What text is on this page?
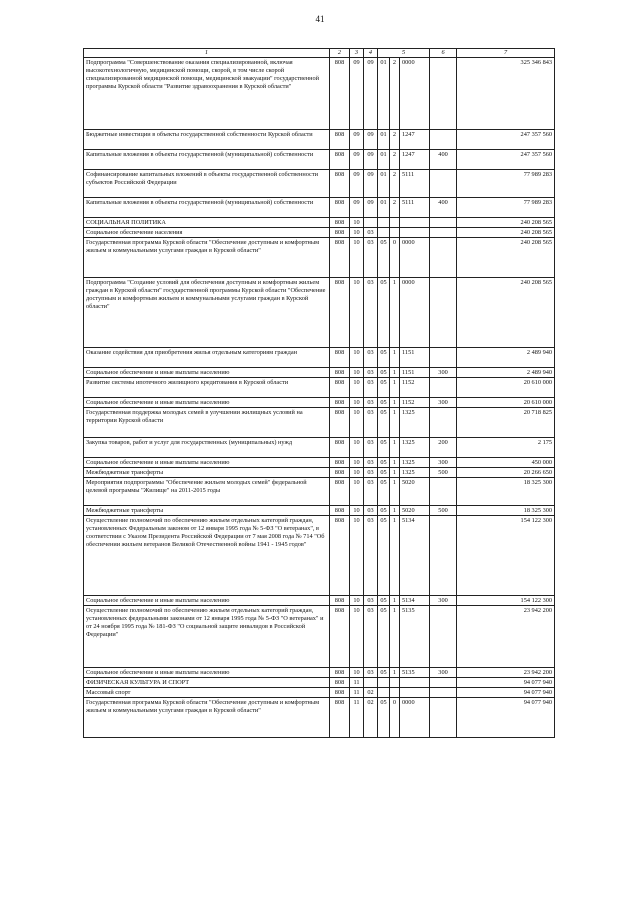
41
1	2	3	4	5			6	7
Подпрограмма "Совершенствование оказания специализированной, включая высокотехнологичную, медицинской помощи, скорой, в том числе скорой специализированной медицинской помощи, медицинской эвакуации" государственной программы Курской области "Развитие здравоохранения в Курской области"	808	09	09	01	2	0000		325 346 843
Бюджетные инвестиции в объекты государственной собственности Курской области	808	09	09	01	2	1247		247 357 560
Капитальные вложения в объекты государственной (муниципальной) собственности	808	09	09	01	2	1247	400	247 357 560
Софинансирование капитальных вложений в объекты государственной собственности субъектов Российской Федерации	808	09	09	01	2	5111		77 989 283
Капитальные вложения в объекты государственной (муниципальной) собственности	808	09	09	01	2	5111	400	77 989 283
СОЦИАЛЬНАЯ ПОЛИТИКА	808	10						240 208 565
Социальное обеспечение населения	808	10	03					240 208 565
Государственная программа Курской области "Обеспечение доступным и комфортным жильем и коммунальными услугами граждан в Курской области"	808	10	03	05	0	0000		240 208 565
Подпрограмма "Создание условий для обеспечения доступным и комфортным жильем граждан в Курской области" государственной программы Курской области "Обеспечение доступным и комфортным жильем и коммунальными услугами граждан в Курской области"	808	10	03	05	1	0000		240 208 565
Оказание содействия для приобретения жилья отдельным категориям граждан	808	10	03	05	1	1151		2 489 940
Социальное обеспечение и иные выплаты населению	808	10	03	05	1	1151	300	2 489 940
Развитие системы ипотечного жилищного кредитования в Курской области	808	10	03	05	1	1152		20 610 000
Социальное обеспечение и иные выплаты населению	808	10	03	05	1	1152	300	20 610 000
Государственная поддержка молодых семей в улучшении жилищных условий на территории Курской области	808	10	03	05	1	1325		20 718 825
Закупка товаров, работ и услуг для государственных (муниципальных) нужд	808	10	03	05	1	1325	200	2 175
Социальное обеспечение и иные выплаты населению	808	10	03	05	1	1325	300	450 000
Межбюджетные трансферты	808	10	03	05	1	1325	500	20 266 650
Мероприятия подпрограммы "Обеспечение жильем молодых семей" федеральной целевой программы "Жилище" на 2011-2015 годы	808	10	03	05	1	5020		18 325 300
Межбюджетные трансферты	808	10	03	05	1	5020	500	18 325 300
Осуществление полномочий по обеспечению жильем отдельных категорий граждан, установленных Федеральным законом от 12 января 1995 года № 5-ФЗ "О ветеранах", в соответствии с Указом Президента Российской Федерации от 7 мая 2008 года № 714 "Об обеспечении жильем ветеранов Великой Отечественной войны 1941 - 1945 годов"	808	10	03	05	1	5134		154 122 300
Социальное обеспечение и иные выплаты населению	808	10	03	05	1	5134	300	154 122 300
Осуществление полномочий по обеспечению жильем отдельных категорий граждан, установленных федеральными законами от 12 января 1995 года № 5-ФЗ "О ветеранах" и от 24 ноября 1995 года № 181-ФЗ "О социальной защите инвалидов в Российской Федерации"	808	10	03	05	1	5135		23 942 200
Социальное обеспечение и иные выплаты населению	808	10	03	05	1	5135	300	23 942 200
ФИЗИЧЕСКАЯ КУЛЬТУРА И СПОРТ	808	11						94 077 940
Массовый спорт	808	11	02					94 077 940
Государственная программа Курской области "Обеспечение доступным и комфортным жильем и коммунальными услугами граждан в Курской области"	808	11	02	05	0	0000		94 077 940
